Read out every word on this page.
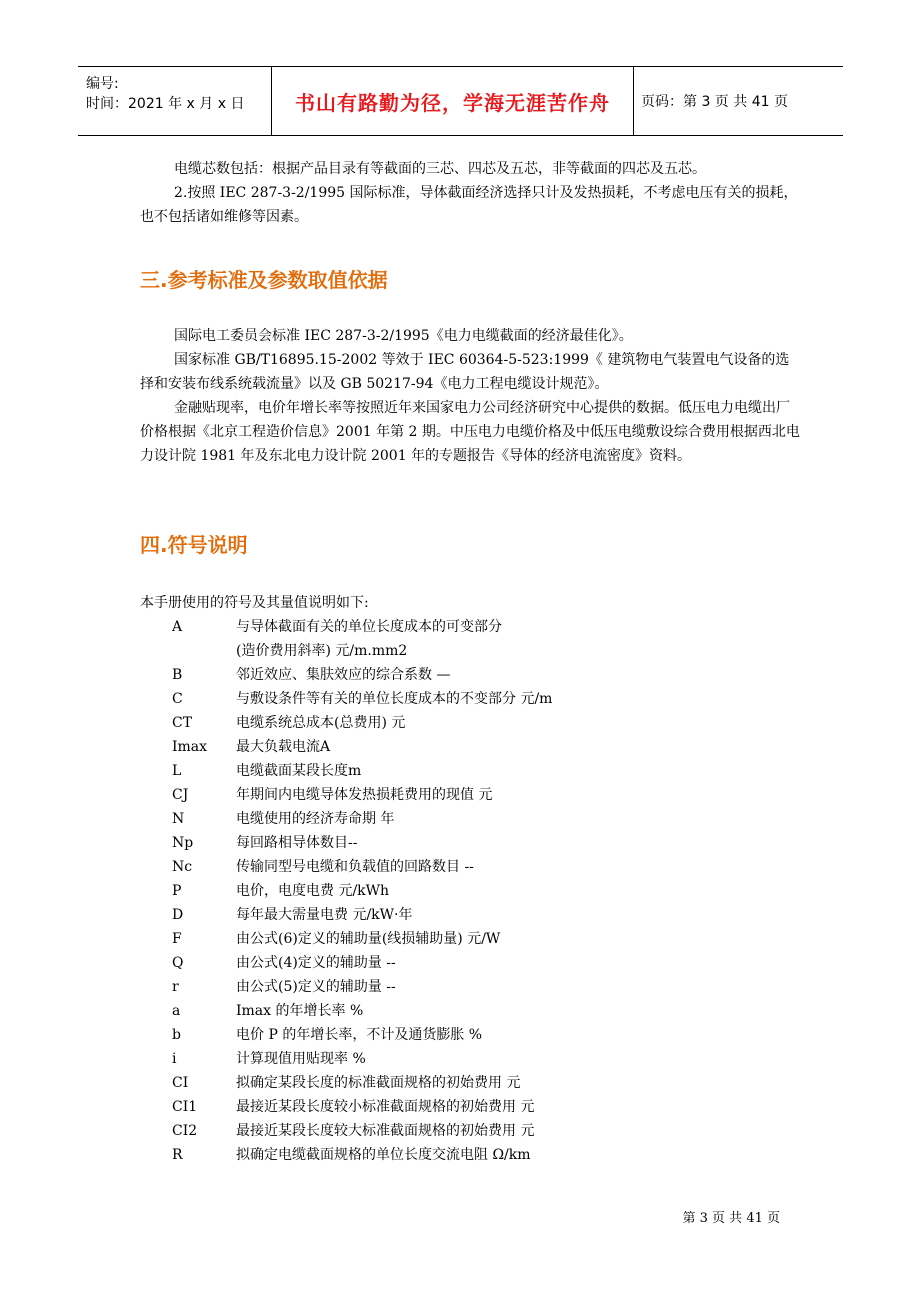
编号:
时间：2021 年 x 月 x 日	书山有路勤为径，学海无涯苦作舟 页码：第 3 页 共 41 页

电缆芯数包括：根据产品目录有等截面的三芯、四芯及五芯，非等截面的四芯及五芯。

2.按照 IEC 287-3-2/1995 国际标准，导体截面经济选择只计及发热损耗，不考虑电压有关的损耗，也不包括诸如维修等因素。

三.参考标准及参数取值依据

国际电工委员会标准 IEC 287-3-2/1995《电力电缆截面的经济最佳化》。

国家标准 GB/T16895.15-2002 等效于 IEC 60364-5-523:1999《 建筑物电气装置电气设备的选择和安装布线系统载流量》以及 GB 50217-94《电力工程电缆设计规范》。

金融贴现率，电价年增长率等按照近年来国家电力公司经济研究中心提供的数据。低压电力电缆出厂价格根据《北京工程造价信息》2001 年第 2 期。中压电力电缆价格及中低压电缆敷设综合费用根据西北电力设计院 1981 年及东北电力设计院 2001 年的专题报告《导体的经济电流密度》资料。

四.符号说明

本手册使用的符号及其量值说明如下:

A	与导体截面有关的单位长度成本的可变部分
(造价费用斜率) 元/m.mm2
B	邻近效应、集肤效应的综合系数 —
C	与敷设条件等有关的单位长度成本的不变部分 元/m
CT	电缆系统总成本(总费用) 元
Imax	最大负载电流A
L	电缆截面某段长度m
CJ	年期间内电缆导体发热损耗费用的现值 元
N	电缆使用的经济寿命期 年
Np	每回路相导体数目--
Nc	传输同型号电缆和负载值的回路数目 --
P	电价，电度电费 元/kWh
D	每年最大需量电费 元/kW·年
F	由公式(6)定义的辅助量(线损辅助量) 元/W
Q	由公式(4)定义的辅助量 --
r	由公式(5)定义的辅助量 --
a	Imax 的年增长率 %
b	电价 P 的年增长率，不计及通货膨胀 %
i	计算现值用贴现率 %
CI	拟确定某段长度的标准截面规格的初始费用 元
CI1	最接近某段长度较小标准截面规格的初始费用 元
CI2	最接近某段长度较大标准截面规格的初始费用 元
R	拟确定电缆截面规格的单位长度交流电阻 Ω/km
第 3 页 共 41 页
